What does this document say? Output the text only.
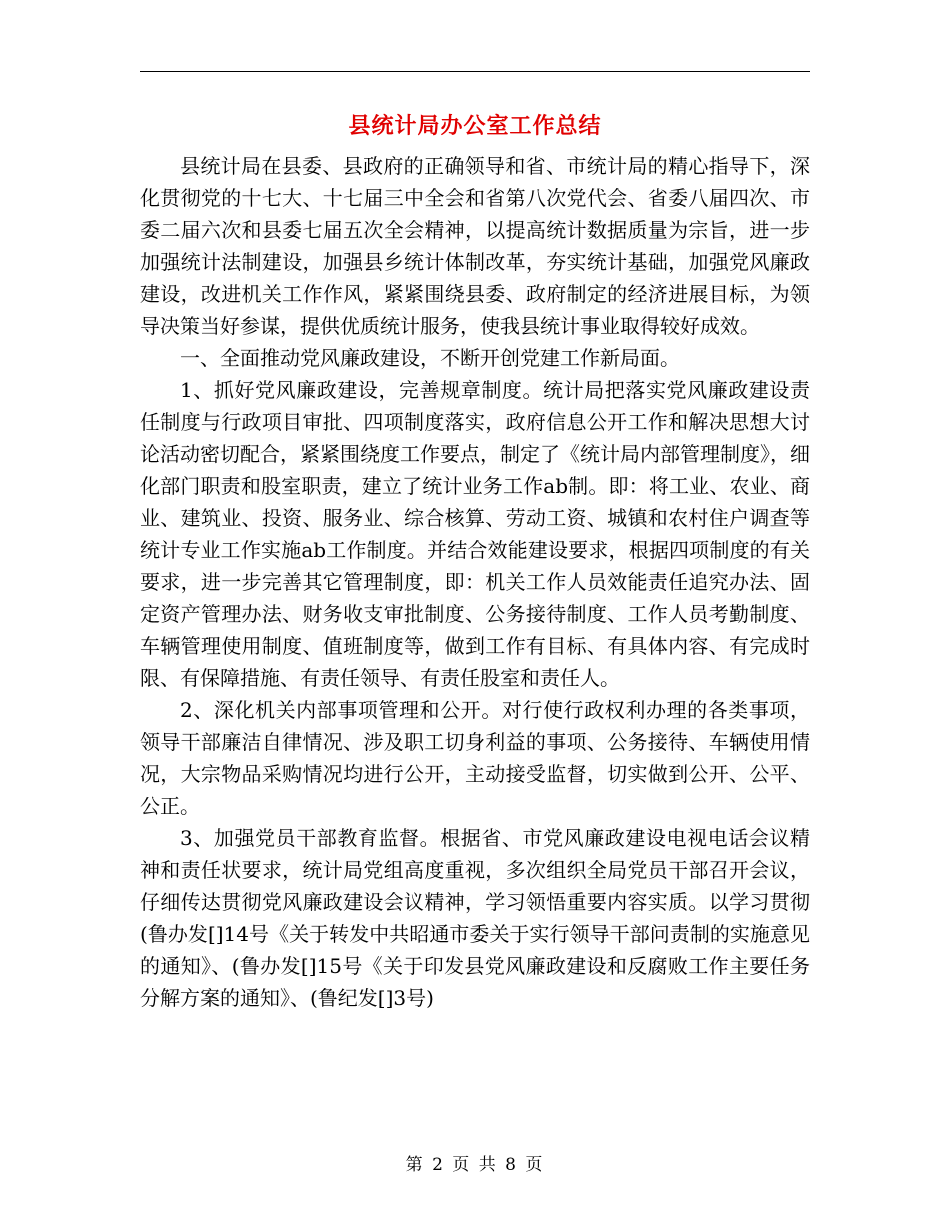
县统计局办公室工作总结

县统计局在县委、县政府的正确领导和省、市统计局的精心指导下，深化贯彻党的十七大、十七届三中全会和省第八次党代会、省委八届四次、市委二届六次和县委七届五次全会精神，以提高统计数据质量为宗旨，进一步加强统计法制建设，加强县乡统计体制改革，夯实统计基础，加强党风廉政建设，改进机关工作作风，紧紧围绕县委、政府制定的经济进展目标，为领导决策当好参谋，提供优质统计服务，使我县统计事业取得较好成效。

一、全面推动党风廉政建设，不断开创党建工作新局面。

1、抓好党风廉政建设，完善规章制度。统计局把落实党风廉政建设责任制度与行政项目审批、四项制度落实，政府信息公开工作和解决思想大讨论活动密切配合，紧紧围绕度工作要点，制定了《统计局内部管理制度》，细化部门职责和股室职责，建立了统计业务工作ab制。即：将工业、农业、商业、建筑业、投资、服务业、综合核算、劳动工资、城镇和农村住户调查等统计专业工作实施ab工作制度。并结合效能建设要求，根据四项制度的有关要求，进一步完善其它管理制度，即：机关工作人员效能责任追究办法、固定资产管理办法、财务收支审批制度、公务接待制度、工作人员考勤制度、车辆管理使用制度、值班制度等，做到工作有目标、有具体内容、有完成时限、有保障措施、有责任领导、有责任股室和责任人。

2、深化机关内部事项管理和公开。对行使行政权利办理的各类事项，领导干部廉洁自律情况、涉及职工切身利益的事项、公务接待、车辆使用情况，大宗物品采购情况均进行公开，主动接受监督，切实做到公开、公平、公正。

3、加强党员干部教育监督。根据省、市党风廉政建设电视电话会议精神和责任状要求，统计局党组高度重视，多次组织全局党员干部召开会议，仔细传达贯彻党风廉政建设会议精神，学习领悟重要内容实质。以学习贯彻(鲁办发[]14号《关于转发中共昭通市委关于实行领导干部问责制的实施意见的通知》、(鲁办发[]15号《关于印发县党风廉政建设和反腐败工作主要任务分解方案的通知》、(鲁纪发[]3号)

第 2 页 共 8 页
